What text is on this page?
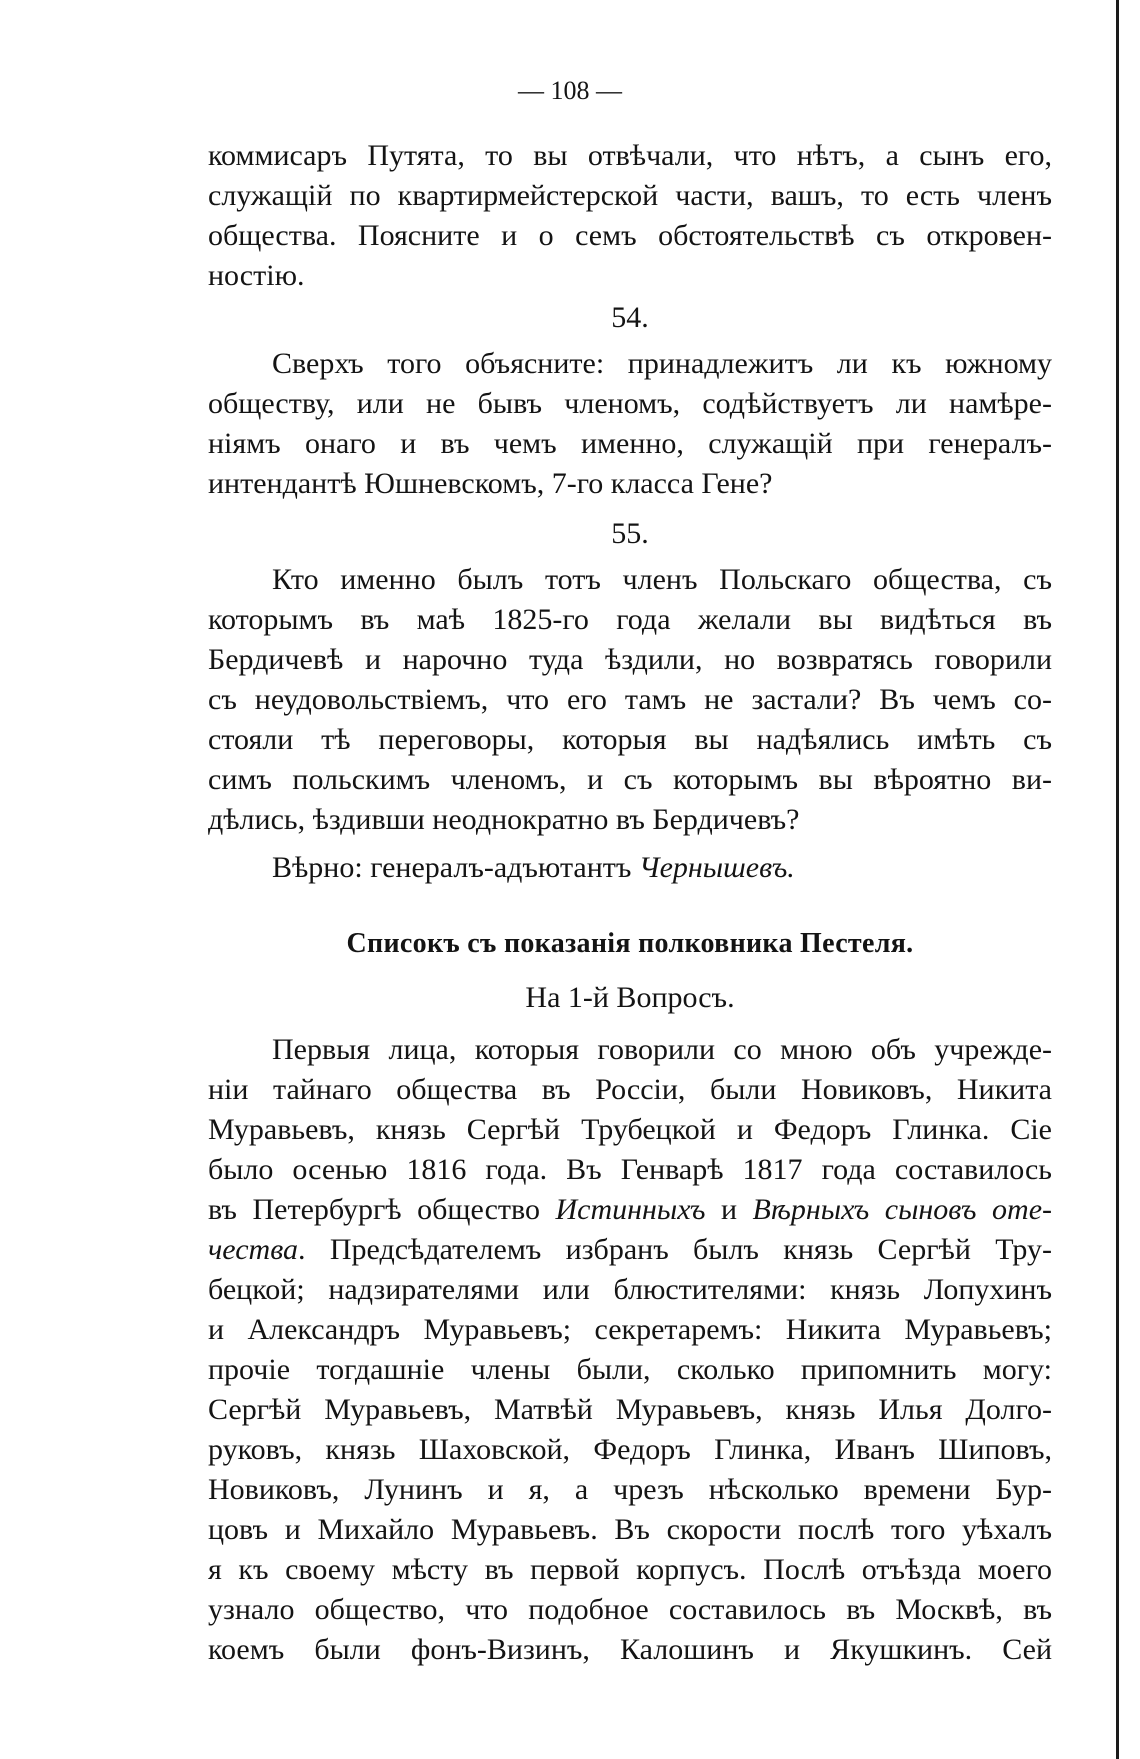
— 108 —
коммисаръ Путята, то вы отвѣчали, что нѣтъ, а сынъ его,
служащій по квартирмейстерской части, вашъ, то есть членъ
общества. Поясните и о семъ обстоятельствѣ съ откровен-
ностію.
54.
Сверхъ того объясните: принадлежитъ ли къ южному
обществу, или не бывъ членомъ, содѣйствуетъ ли намѣре-
ніямъ онаго и въ чемъ именно, служащій при генералъ-
интендантѣ Юшневскомъ, 7-го класса Гене?
55.
Кто именно былъ тотъ членъ Польскаго общества, съ
которымъ въ маѣ 1825-го года желали вы видѣться въ
Бердичевѣ и нарочно туда ѣздили, но возвратясь говорили
съ неудовольствіемъ, что его тамъ не застали? Въ чемъ со-
стояли тѣ переговоры, которыя вы надѣялись имѣть съ
симъ польскимъ членомъ, и съ которымъ вы вѣроятно ви-
дѣлись, ѣздивши неоднократно въ Бердичевъ?
Вѣрно: генералъ-адъютантъ Чернышевъ.
Списокъ съ показанія полковника Пестеля.
На 1-й Вопросъ.
Первыя лица, которыя говорили со мною объ учрежде-
ніи тайнаго общества въ Россіи, были Новиковъ, Никита
Муравьевъ, князь Сергѣй Трубецкой и Федоръ Глинка. Сіе
было осенью 1816 года. Въ Генварѣ 1817 года составилось
въ Петербургѣ общество Истинныхъ и Вѣрныхъ сыновъ оте-
чества. Предсѣдателемъ избранъ былъ князь Сергѣй Тру-
бецкой; надзирателями или блюстителями: князь Лопухинъ
и Александръ Муравьевъ; секретаремъ: Никита Муравьевъ;
прочіе тогдашніе члены были, сколько припомнить могу:
Сергѣй Муравьевъ, Матвѣй Муравьевъ, князь Илья Долго-
руковъ, князь Шаховской, Федоръ Глинка, Иванъ Шиповъ,
Новиковъ, Лунинъ и я, а чрезъ нѣсколько времени Бур-
цовъ и Михайло Муравьевъ. Въ скорости послѣ того уѣхалъ
я къ своему мѣсту въ первой корпусъ. Послѣ отъѣзда моего
узнало общество, что подобное составилось въ Москвѣ, въ
коемъ были фонъ-Визинъ, Калошинъ и Якушкинъ. Сей
